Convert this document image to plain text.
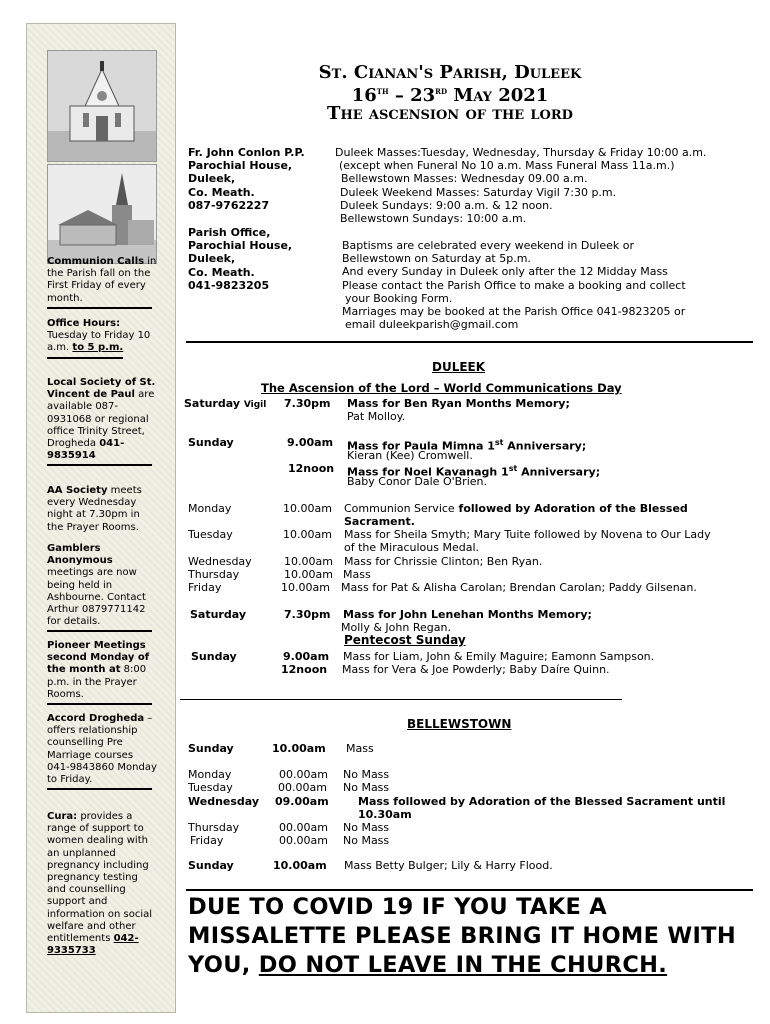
Communion Calls in the Parish fall on the First Friday of every month.
Office Hours:
Tuesday to Friday 10 a.m. to 5 p.m.
Local Society of St. Vincent de Paul are available 087-0931068 or regional office Trinity Street, Drogheda 041-9835914
AA Society meets every Wednesday night at 7.30pm in the Prayer Rooms.
Gamblers Anonymous meetings are now being held in Ashbourne. Contact Arthur 0879771142 for details.
Pioneer Meetings second Monday of the month at 8:00 p.m. in the Prayer Rooms.
Accord Drogheda – offers relationship counselling Pre Marriage courses 041-9843860 Monday to Friday.
Cura: provides a range of support to women dealing with an unplanned pregnancy including pregnancy testing and counselling support and information on social welfare and other entitlements 042-9335733
St. Cianan's Parish, Duleek
16th – 23rd May 2021
The ascension of the lord
Fr. John Conlon P.P.
Parochial House,
Duleek,
Co. Meath.
087-9762227
Parish Office,
Parochial House,
Duleek,
Co. Meath.
041-9823205
Duleek Masses:Tuesday, Wednesday, Thursday & Friday 10:00 a.m.
(except when Funeral No 10 a.m. Mass Funeral Mass 11a.m.)
Bellewstown Masses: Wednesday 09.00 a.m.
Duleek Weekend Masses: Saturday Vigil 7:30 p.m.
Duleek Sundays: 9:00 a.m. & 12 noon.
Bellewstown Sundays: 10:00 a.m.
Baptisms are celebrated every weekend in Duleek or
Bellewstown on Saturday at 5p.m.
And every Sunday in Duleek only after the 12 Midday Mass
Please contact the Parish Office to make a booking and collect
your Booking Form.
Marriages may be booked at the Parish Office 041-9823205 or
email duleekparish@gmail.com
DULEEK
The Ascension of the Lord – World Communications Day
Saturday Vigil 7.30pm Mass for Ben Ryan Months Memory;
Pat Molloy.
Sunday	9.00am Mass for Paula Mimna 1st Anniversary;
Kieran (Kee) Cromwell.
12noon Mass for Noel Kavanagh 1st Anniversary;
Baby Conor Dale O'Brien.
Monday	10.00am Communion Service followed by Adoration of the Blessed
Sacrament.
Tuesday	10.00am Mass for Sheila Smyth; Mary Tuite followed by Novena to Our Lady
of the Miraculous Medal.
Wednesday	10.00am Mass for Chrissie Clinton; Ben Ryan.
Thursday	10.00am Mass
Friday	10.00am Mass for Pat & Alisha Carolan; Brendan Carolan; Paddy Gilsenan.
Saturday	7.30pm Mass for John Lenehan Months Memory;
Molly & John Regan.
Pentecost Sunday
Sunday	9.00am Mass for Liam, John & Emily Maguire; Eamonn Sampson.
12noon Mass for Vera & Joe Powderly; Baby Daíre Quinn.
BELLEWSTOWN
Sunday	10.00am Mass
Monday	00.00am No Mass
Tuesday	00.00am No Mass
Wednesday 09.00am	Mass followed by Adoration of the Blessed Sacrament until
10.30am
Thursday	00.00am No Mass
Friday	00.00am No Mass
Sunday	10.00am Mass Betty Bulger; Lily & Harry Flood.
DUE TO COVID 19 IF YOU TAKE A MISSALETTE PLEASE BRING IT HOME WITH YOU, DO NOT LEAVE IN THE CHURCH.
